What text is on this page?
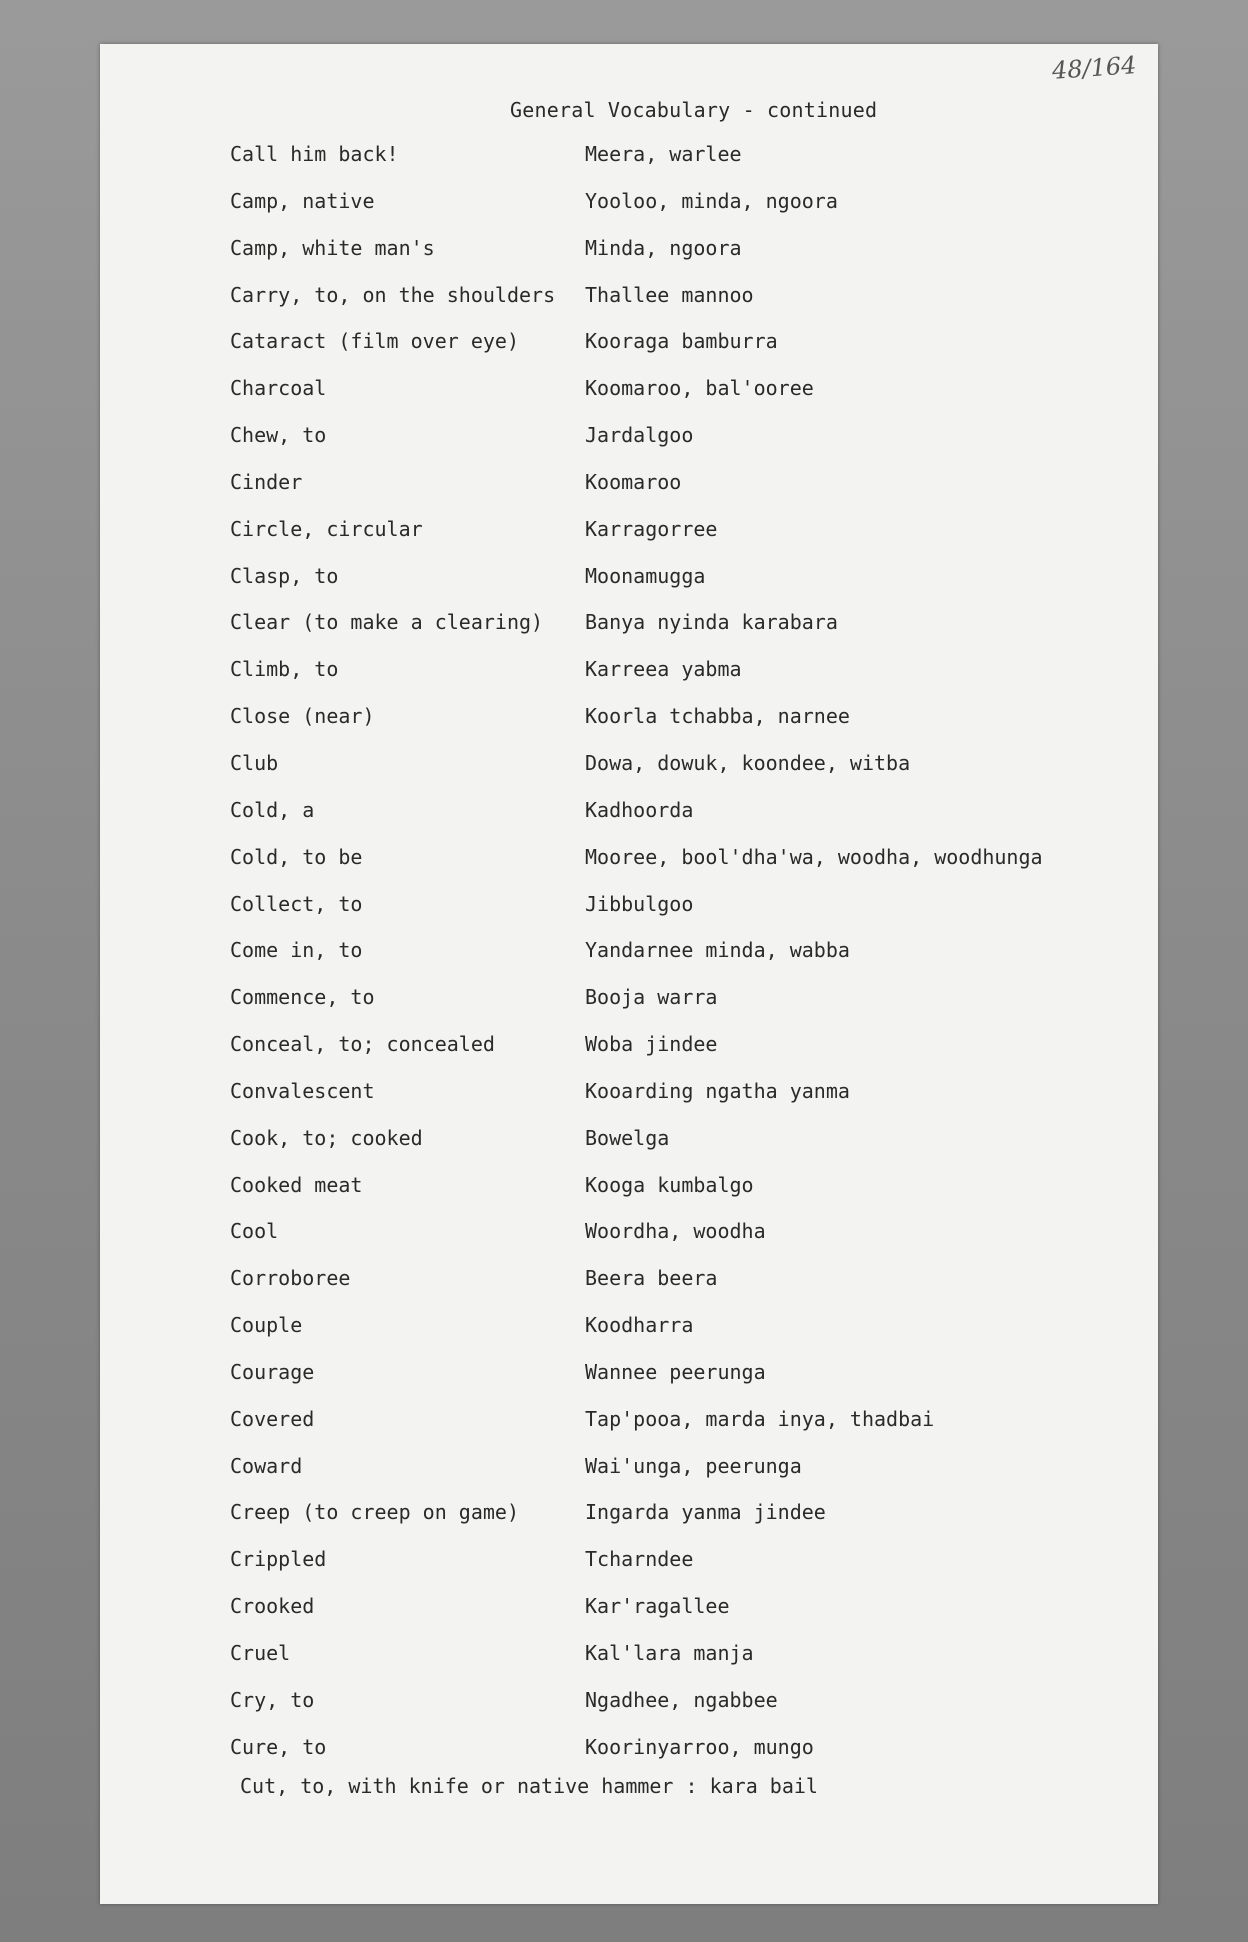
48/164
General Vocabulary - continued
Call him back!	Meera, warlee
Camp, native	Yooloo, minda, ngoora
Camp, white man's	Minda, ngoora
Carry, to, on the shoulders	Thallee mannoo
Cataract (film over eye)	Kooraga bamburra
Charcoal	Koomaroo, bal'ooree
Chew, to	Jardalgoo
Cinder	Koomaroo
Circle, circular	Karragorree
Clasp, to	Moonamugga
Clear (to make a clearing)	Banya nyinda karabara
Climb, to	Karreea yabma
Close (near)	Koorla tchabba, narnee
Club	Dowa, dowuk, koondee, witba
Cold, a	Kadhoorda
Cold, to be	Mooree, bool'dha'wa, woodha, woodhunga
Collect, to	Jibbulgoo
Come in, to	Yandarnee minda, wabba
Commence, to	Booja warra
Conceal, to; concealed	Woba jindee
Convalescent	Kooarding ngatha yanma
Cook, to; cooked	Bowelga
Cooked meat	Kooga kumbalgo
Cool	Woordha, woodha
Corroboree	Beera beera
Couple	Koodharra
Courage	Wannee peerunga
Covered	Tap'pooa, marda inya, thadbai
Coward	Wai'unga, peerunga
Creep (to creep on game)	Ingarda yanma jindee
Crippled	Tcharndee
Crooked	Kar'ragallee
Cruel	Kal'lara manja
Cry, to	Ngadhee, ngabbee
Cure, to	Koorinyarroo, mungo
Cut, to, with knife or native hammer : kara bail
